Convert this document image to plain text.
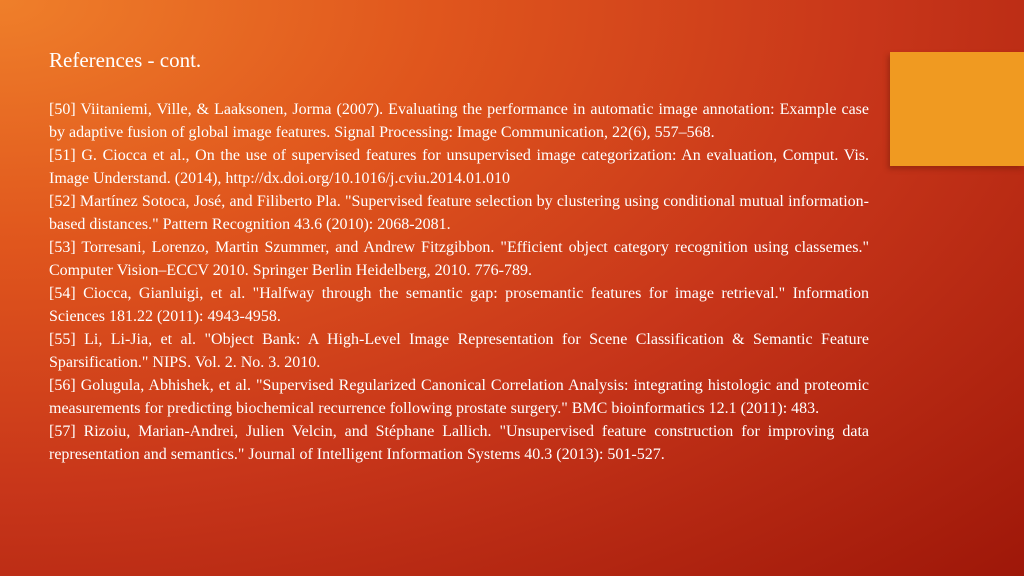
References - cont.

[50] Viitaniemi, Ville, & Laaksonen, Jorma (2007). Evaluating the performance in automatic image annotation: Example case by adaptive fusion of global image features. Signal Processing: Image Communication, 22(6), 557–568.

[51] G. Ciocca et al., On the use of supervised features for unsupervised image categorization: An evaluation, Comput. Vis. Image Understand. (2014), http://dx.doi.org/10.1016/j.cviu.2014.01.010

[52] Martínez Sotoca, José, and Filiberto Pla. "Supervised feature selection by clustering using conditional mutual information-based distances." Pattern Recognition 43.6 (2010): 2068-2081.

[53] Torresani, Lorenzo, Martin Szummer, and Andrew Fitzgibbon. "Efficient object category recognition using classemes." Computer Vision–ECCV 2010. Springer Berlin Heidelberg, 2010. 776-789.

[54] Ciocca, Gianluigi, et al. "Halfway through the semantic gap: prosemantic features for image retrieval." Information Sciences 181.22 (2011): 4943-4958.

[55] Li, Li-Jia, et al. "Object Bank: A High-Level Image Representation for Scene Classification & Semantic Feature Sparsification." NIPS. Vol. 2. No. 3. 2010.

[56] Golugula, Abhishek, et al. "Supervised Regularized Canonical Correlation Analysis: integrating histologic and proteomic measurements for predicting biochemical recurrence following prostate surgery." BMC bioinformatics 12.1 (2011): 483.

[57] Rizoiu, Marian-Andrei, Julien Velcin, and Stéphane Lallich. "Unsupervised feature construction for improving data representation and semantics." Journal of Intelligent Information Systems 40.3 (2013): 501-527.
